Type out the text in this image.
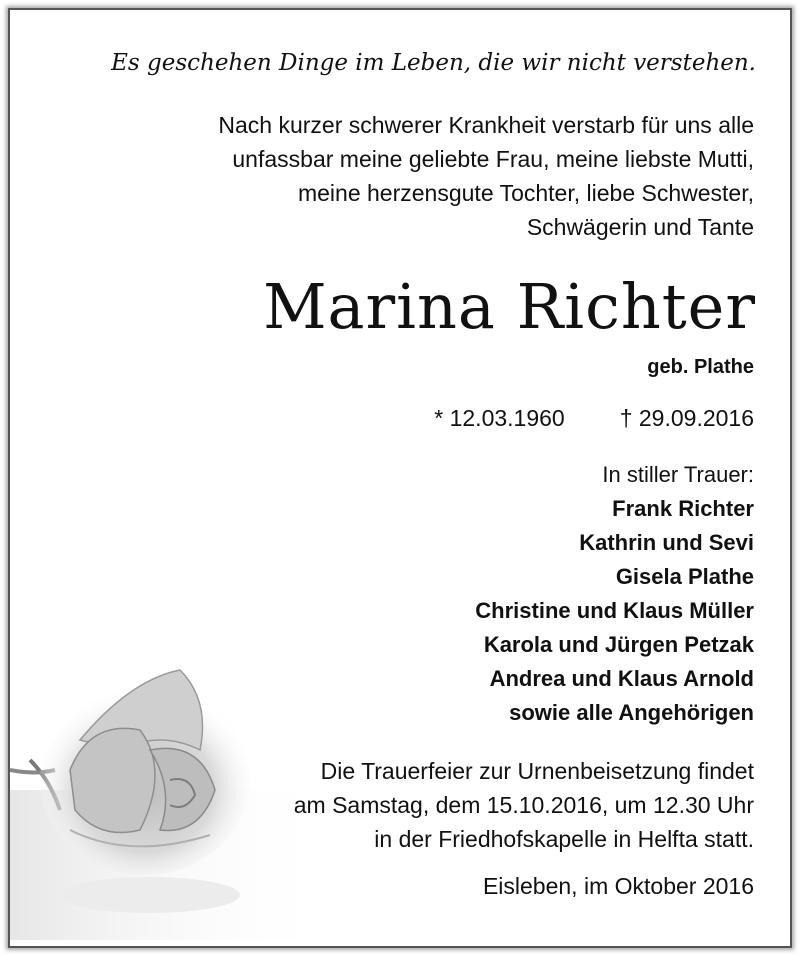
Es geschehen Dinge im Leben, die wir nicht verstehen.
Nach kurzer schwerer Krankheit verstarb für uns alle
unfassbar meine geliebte Frau, meine liebste Mutti,
meine herzensgute Tochter, liebe Schwester,
Schwägerin und Tante
Marina Richter
geb. Plathe
* 12.03.1960 † 29.09.2016
In stiller Trauer:
Frank Richter
Kathrin und Sevi
Gisela Plathe
Christine und Klaus Müller
Karola und Jürgen Petzak
Andrea und Klaus Arnold
sowie alle Angehörigen
Die Trauerfeier zur Urnenbeisetzung findet
am Samstag, dem 15.10.2016, um 12.30 Uhr
in der Friedhofskapelle in Helfta statt.
Eisleben, im Oktober 2016
